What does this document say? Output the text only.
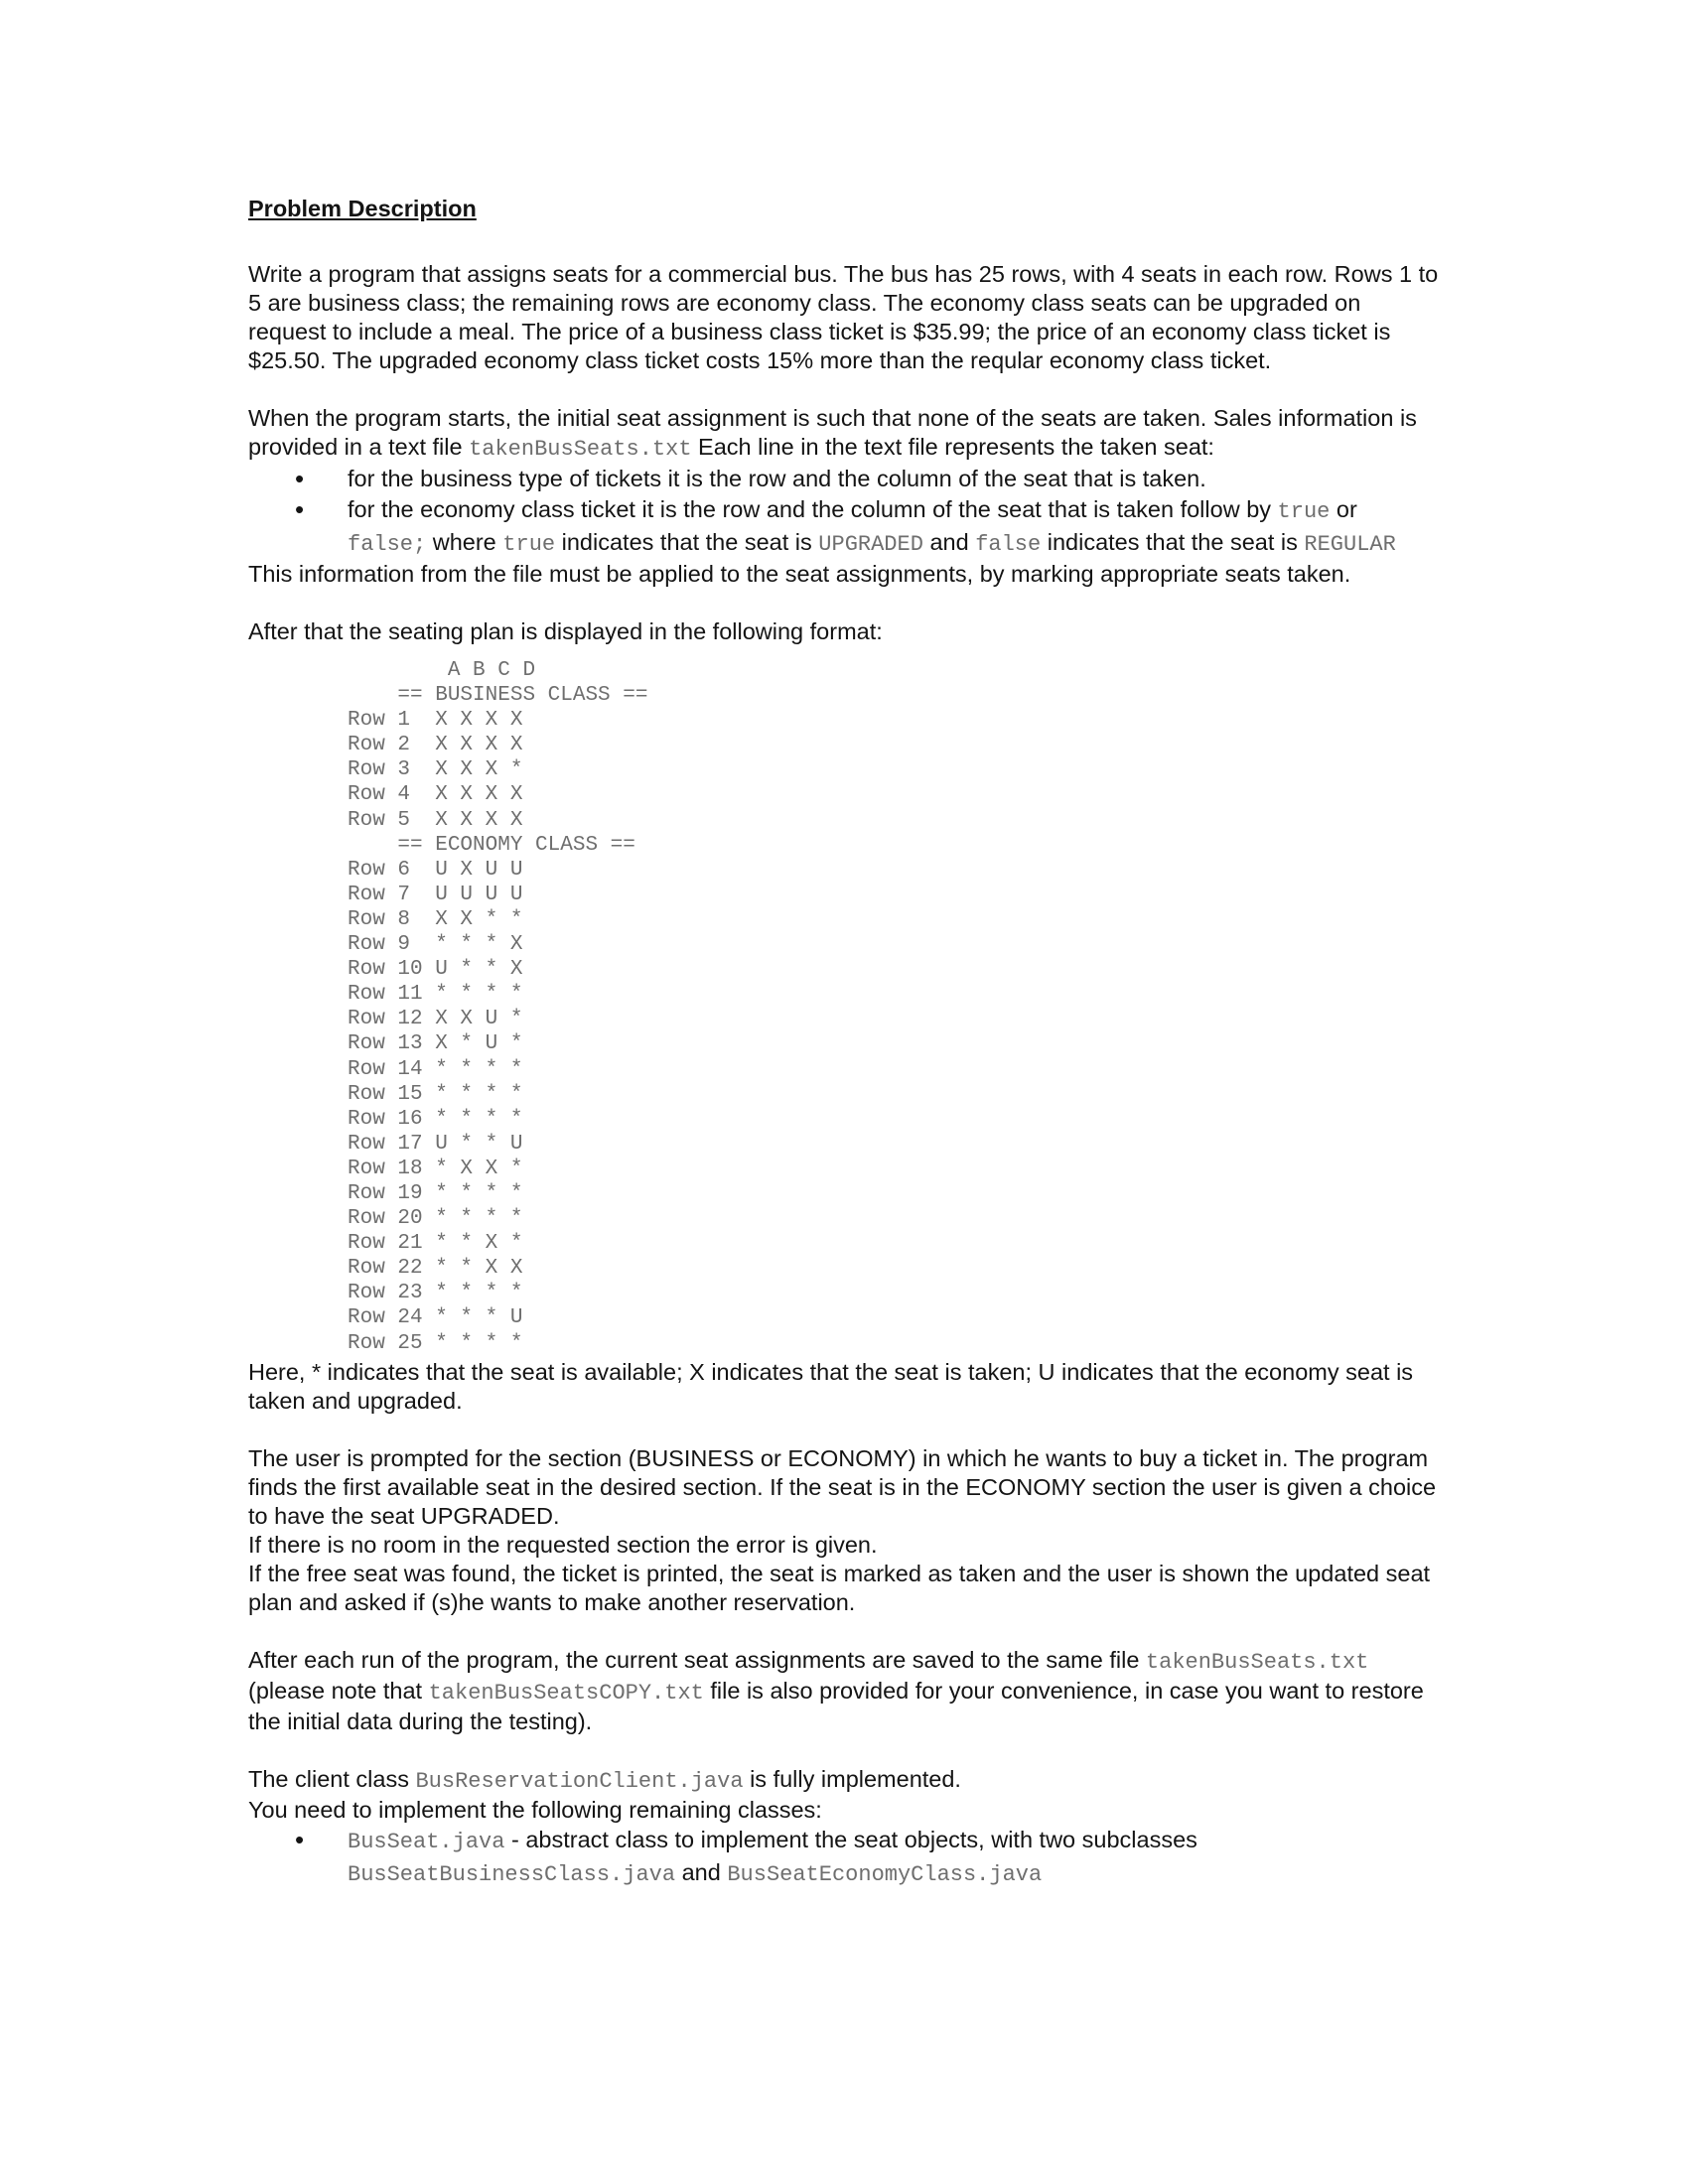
Problem Description

Write a program that assigns seats for a commercial bus. The bus has 25 rows, with 4 seats in each row. Rows 1 to 5 are business class; the remaining rows are economy class. The economy class seats can be upgraded on request to include a meal. The price of a business class ticket is $35.99; the price of an economy class ticket is $25.50. The upgraded economy class ticket costs 15% more than the reqular economy class ticket.

When the program starts, the initial seat assignment is such that none of the seats are taken. Sales information is provided in a text file takenBusSeats.txt Each line in the text file represents the taken seat:

• for the business type of tickets it is the row and the column of the seat that is taken.
• for the economy class ticket it is the row and the column of the seat that is taken follow by true or false; where true indicates that the seat is UPGRADED and false indicates that the seat is REGULAR

This information from the file must be applied to the seat assignments, by marking appropriate seats taken.

After that the seating plan is displayed in the following format:

A B C D
== BUSINESS CLASS ==
Row 1  X X X X
Row 2  X X X X
Row 3  X X X *
Row 4  X X X X
Row 5  X X X X
== ECONOMY CLASS ==
Row 6  U X U U
Row 7  U U U U
Row 8  X X * *
Row 9  * * * X
Row 10 U * * X
Row 11 * * * *
Row 12 X X U *
Row 13 X * U *
Row 14 * * * *
Row 15 * * * *
Row 16 * * * *
Row 17 U * * U
Row 18 * X X *
Row 19 * * * *
Row 20 * * * *
Row 21 * * X *
Row 22 * * X X
Row 23 * * * *
Row 24 * * * U
Row 25 * * * *

Here, * indicates that the seat is available; X indicates that the seat is taken; U indicates that the economy seat is taken and upgraded.

The user is prompted for the section (BUSINESS or ECONOMY) in which he wants to buy a ticket in. The program finds the first available seat in the desired section. If the seat is in the ECONOMY section the user is given a choice to have the seat UPGRADED.

If there is no room in the requested section the error is given.

If the free seat was found, the ticket is printed, the seat is marked as taken and the user is shown the updated seat plan and asked if (s)he wants to make another reservation.

After each run of the program, the current seat assignments are saved to the same file takenBusSeats.txt (please note that takenBusSeatsCOPY.txt file is also provided for your convenience, in case you want to restore the initial data during the testing).

The client class BusReservationClient.java is fully implemented.

You need to implement the following remaining classes:

• BusSeat.java - abstract class to implement the seat objects, with two subclasses BusSeatBusinessClass.java and BusSeatEconomyClass.java
